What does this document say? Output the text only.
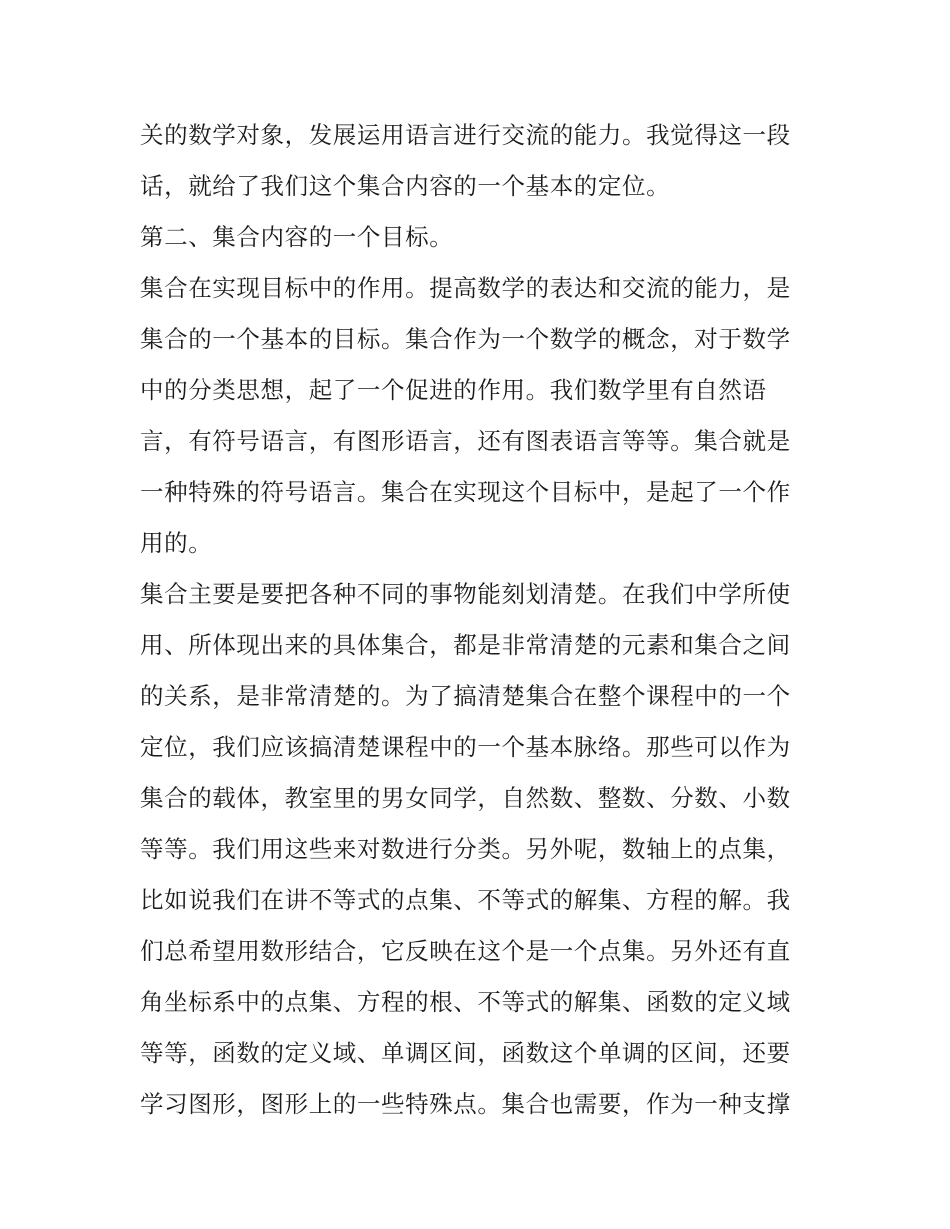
关的数学对象，发展运用语言进行交流的能力。我觉得这一段
话，就给了我们这个集合内容的一个基本的定位。
第二、集合内容的一个目标。
集合在实现目标中的作用。提高数学的表达和交流的能力，是
集合的一个基本的目标。集合作为一个数学的概念，对于数学
中的分类思想，起了一个促进的作用。我们数学里有自然语
言，有符号语言，有图形语言，还有图表语言等等。集合就是
一种特殊的符号语言。集合在实现这个目标中，是起了一个作
用的。
集合主要是要把各种不同的事物能刻划清楚。在我们中学所使
用、所体现出来的具体集合，都是非常清楚的元素和集合之间
的关系，是非常清楚的。为了搞清楚集合在整个课程中的一个
定位，我们应该搞清楚课程中的一个基本脉络。那些可以作为
集合的载体，教室里的男女同学，自然数、整数、分数、小数
等等。我们用这些来对数进行分类。另外呢，数轴上的点集，
比如说我们在讲不等式的点集、不等式的解集、方程的解。我
们总希望用数形结合，它反映在这个是一个点集。另外还有直
角坐标系中的点集、方程的根、不等式的解集、函数的定义域
等等，函数的定义域、单调区间，函数这个单调的区间，还要
学习图形，图形上的一些特殊点。集合也需要，作为一种支撑
